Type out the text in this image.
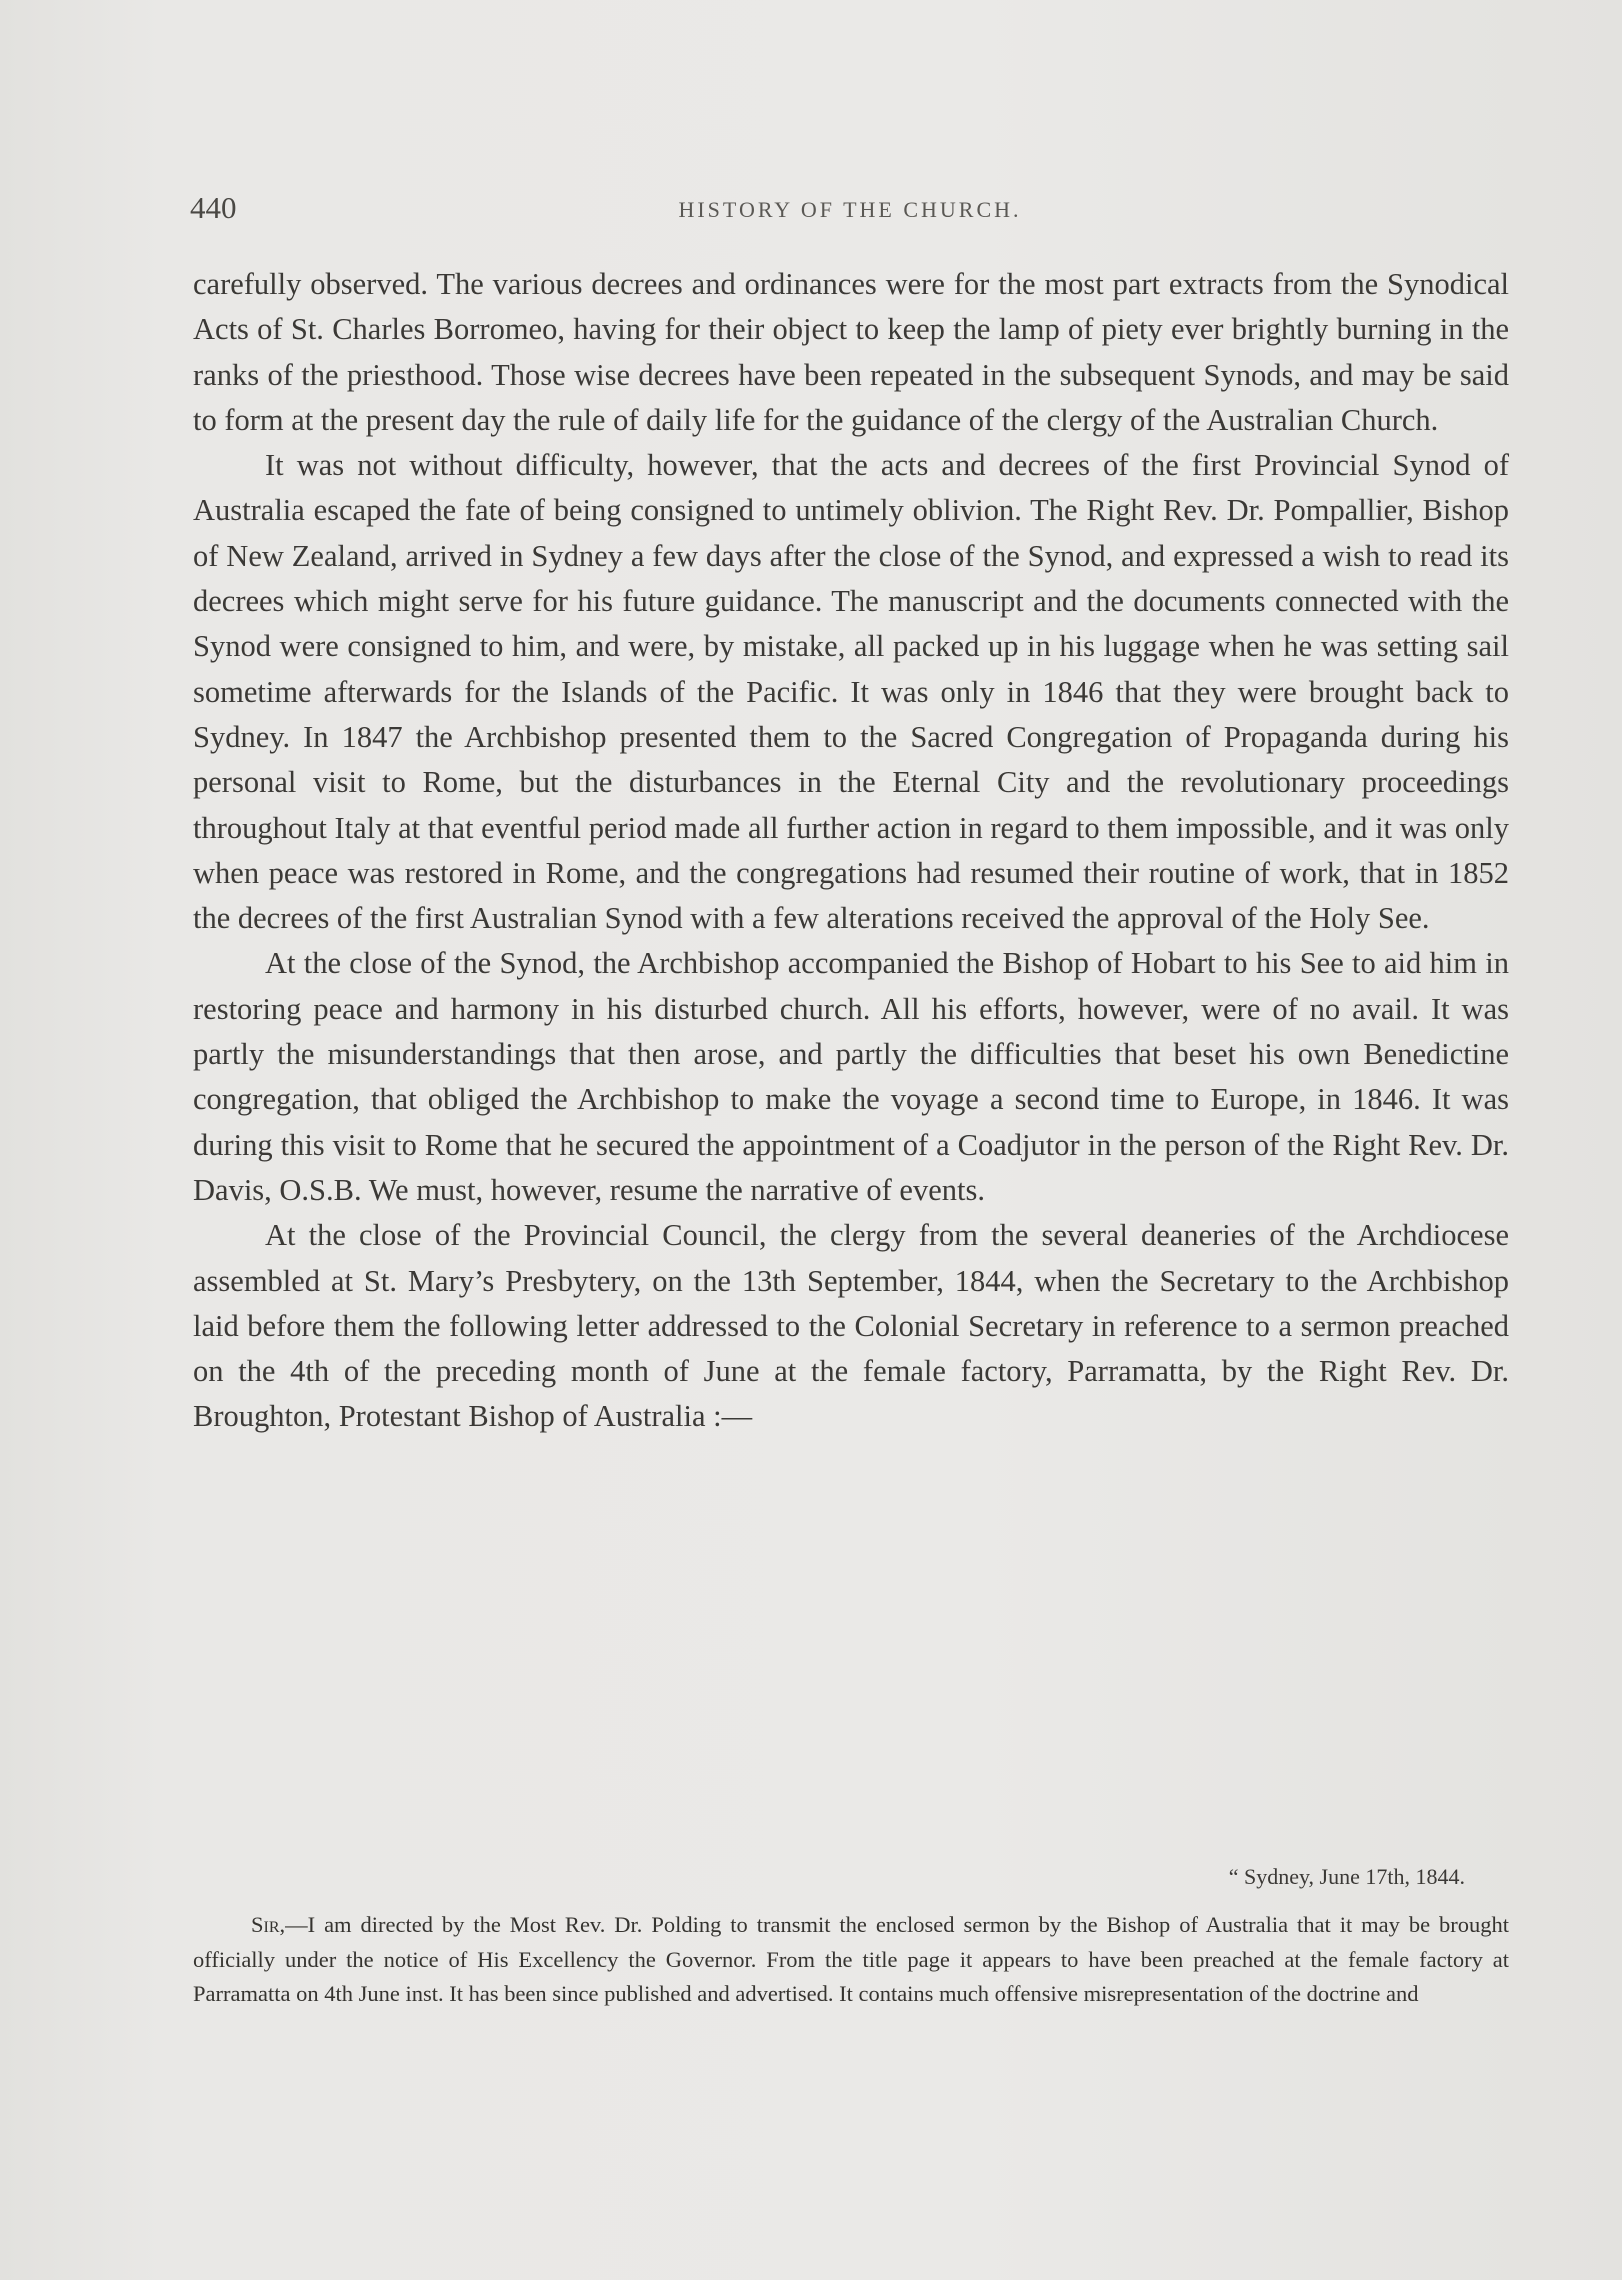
440	HISTORY OF THE CHURCH.

carefully observed. The various decrees and ordinances were for the most part extracts from the Synodical Acts of St. Charles Borromeo, having for their object to keep the lamp of piety ever brightly burning in the ranks of the priesthood. Those wise decrees have been repeated in the subsequent Synods, and may be said to form at the present day the rule of daily life for the guidance of the clergy of the Australian Church.

It was not without difficulty, however, that the acts and decrees of the first Provincial Synod of Australia escaped the fate of being consigned to untimely oblivion. The Right Rev. Dr. Pompallier, Bishop of New Zealand, arrived in Sydney a few days after the close of the Synod, and expressed a wish to read its decrees which might serve for his future guidance. The manuscript and the documents connected with the Synod were consigned to him, and were, by mistake, all packed up in his luggage when he was setting sail sometime afterwards for the Islands of the Pacific. It was only in 1846 that they were brought back to Sydney. In 1847 the Archbishop presented them to the Sacred Congregation of Propaganda during his personal visit to Rome, but the disturbances in the Eternal City and the revolutionary proceedings throughout Italy at that eventful period made all further action in regard to them impossible, and it was only when peace was restored in Rome, and the congregations had resumed their routine of work, that in 1852 the decrees of the first Australian Synod with a few alterations received the approval of the Holy See.

At the close of the Synod, the Archbishop accompanied the Bishop of Hobart to his See to aid him in restoring peace and harmony in his disturbed church. All his efforts, however, were of no avail. It was partly the misunderstandings that then arose, and partly the difficulties that beset his own Benedictine congregation, that obliged the Archbishop to make the voyage a second time to Europe, in 1846. It was during this visit to Rome that he secured the appointment of a Coadjutor in the person of the Right Rev. Dr. Davis, O.S.B. We must, however, resume the narrative of events.

At the close of the Provincial Council, the clergy from the several deaneries of the Archdiocese assembled at St. Mary’s Presbytery, on the 13th September, 1844, when the Secretary to the Archbishop laid before them the following letter addressed to the Colonial Secretary in reference to a sermon preached on the 4th of the preceding month of June at the female factory, Parramatta, by the Right Rev. Dr. Broughton, Protestant Bishop of Australia :—

“ Sydney, June 17th, 1844.

Sir,—I am directed by the Most Rev. Dr. Polding to transmit the enclosed sermon by the Bishop of Australia that it may be brought officially under the notice of His Excellency the Governor. From the title page it appears to have been preached at the female factory at Parramatta on 4th June inst. It has been since published and advertised. It contains much offensive misrepresentation of the doctrine and
